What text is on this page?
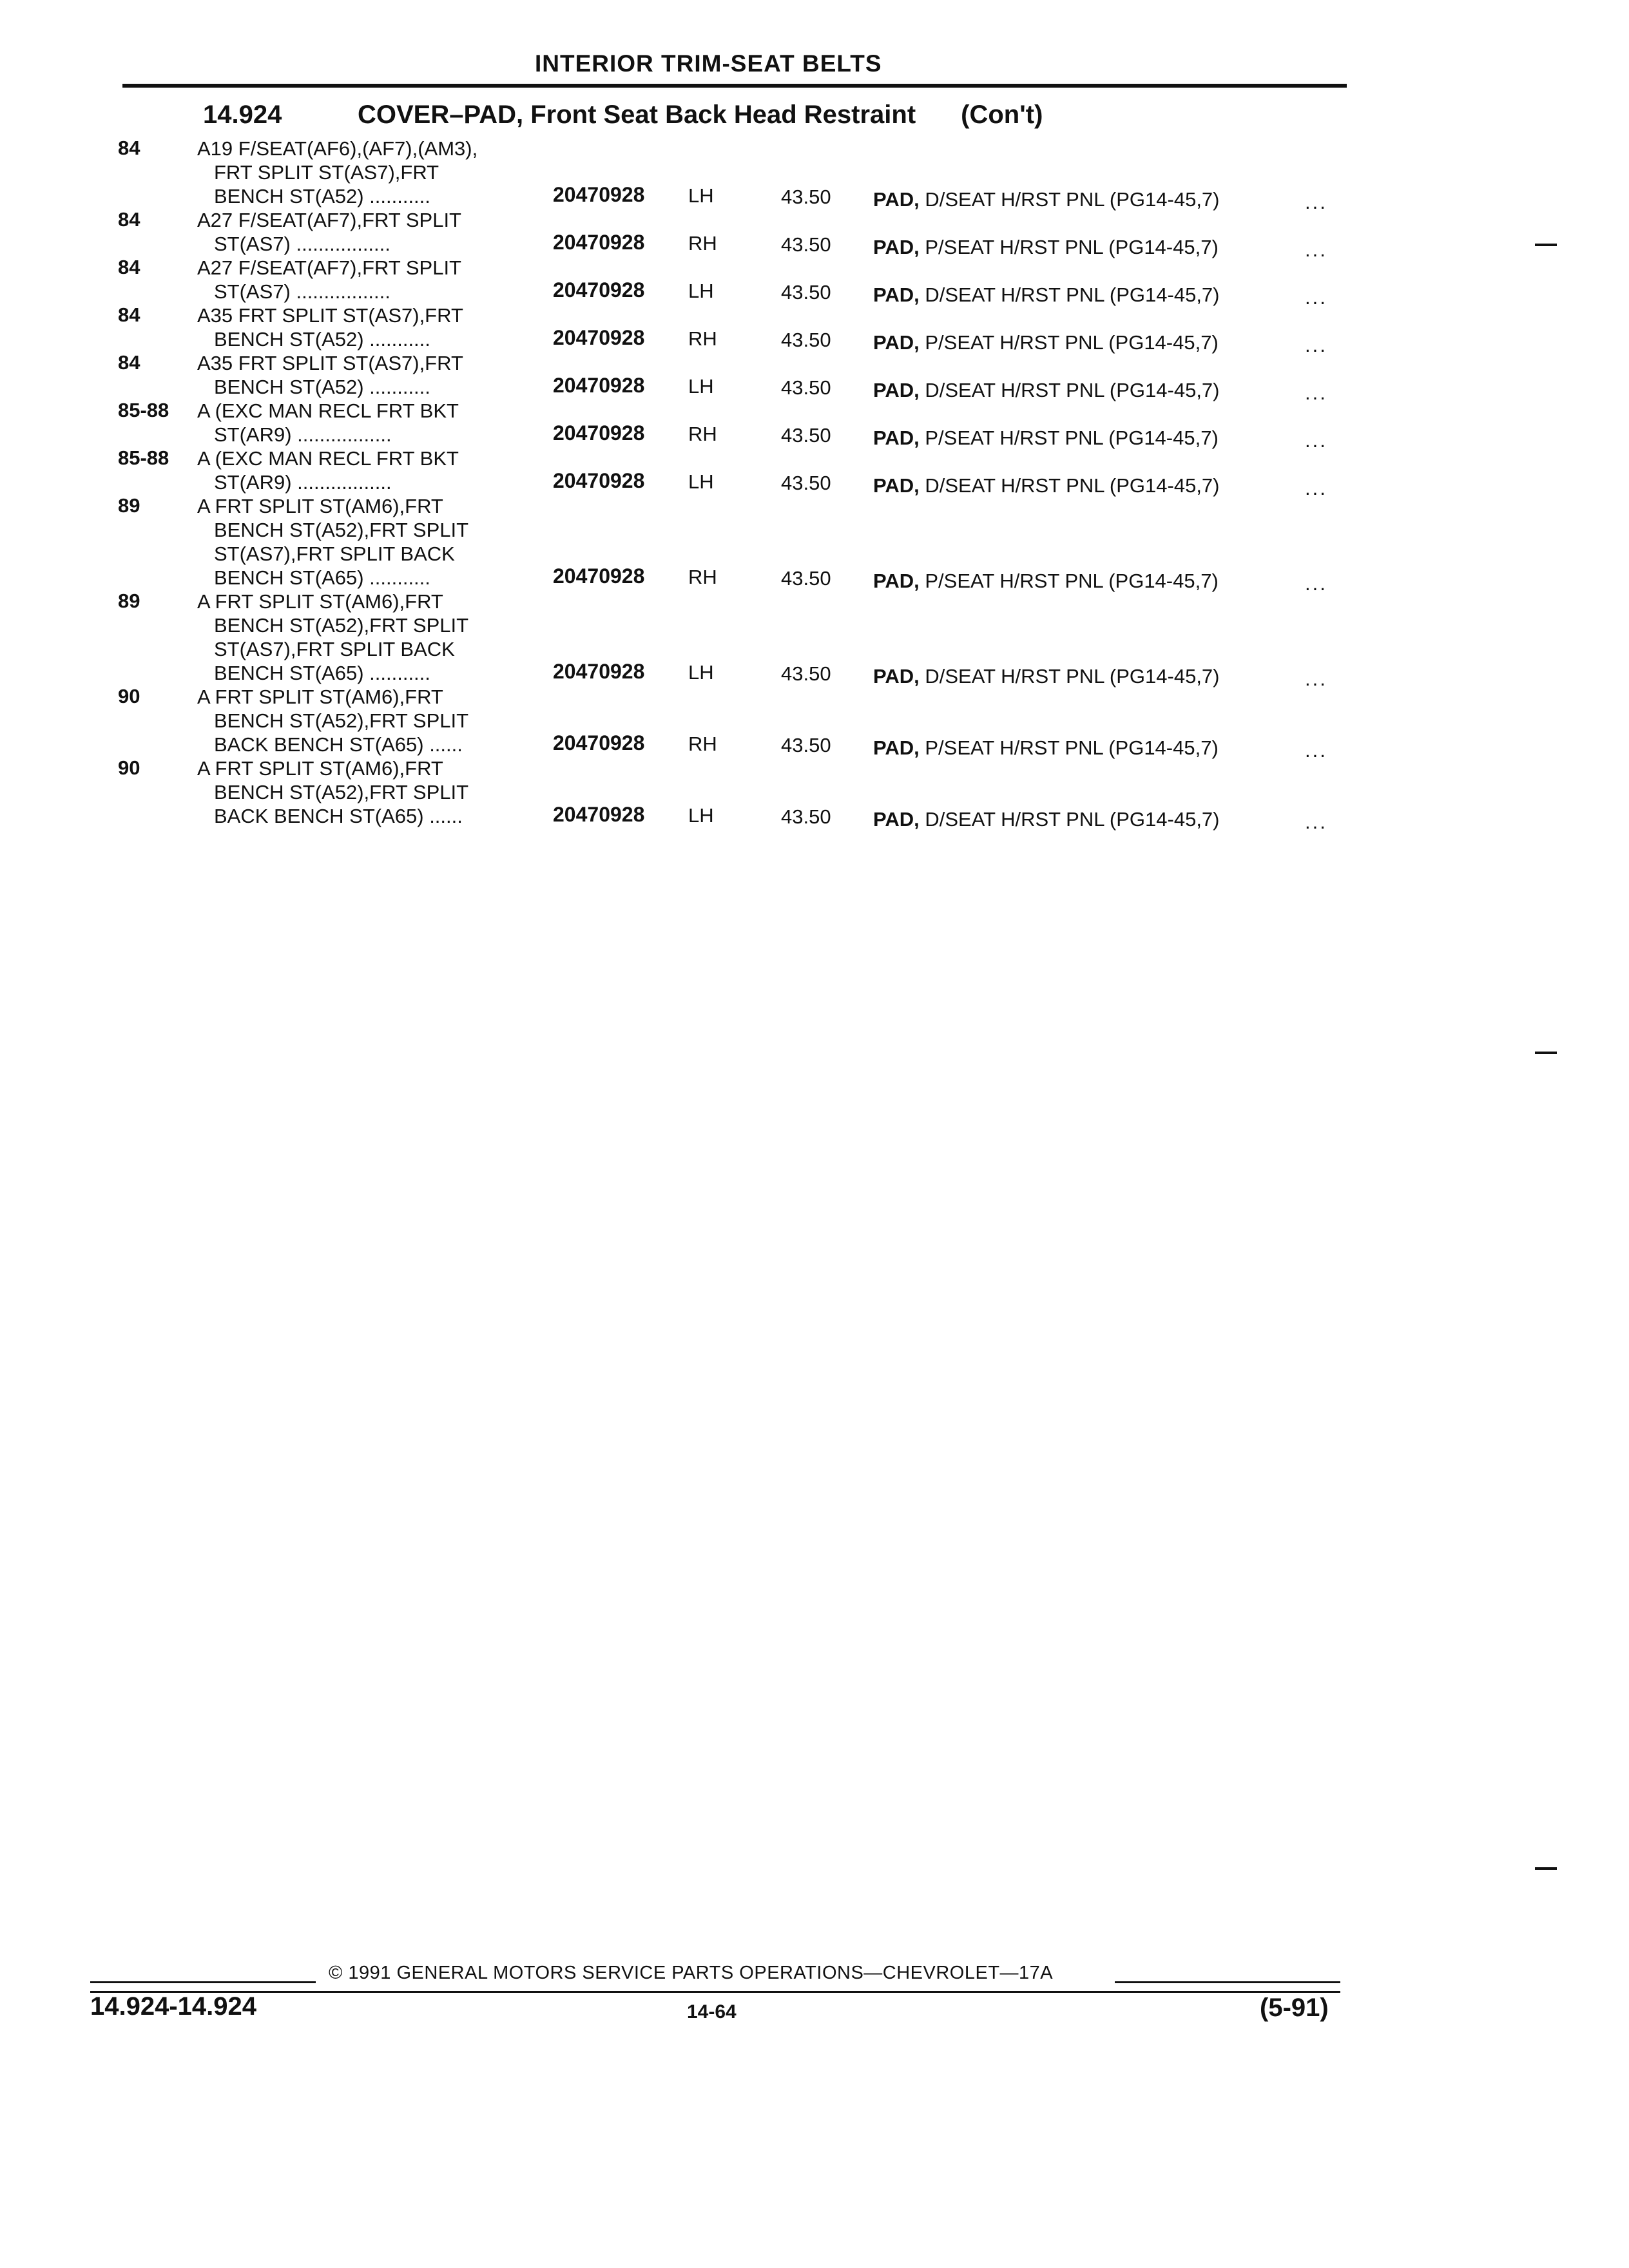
INTERIOR TRIM-SEAT BELTS
14.924	COVER–PAD, Front Seat Back Head Restraint (Con't)
84	A19 F/SEAT(AF6),(AF7),(AM3),
FRT SPLIT ST(AS7),FRT
BENCH ST(A52) ...........	20470928 LH	43.50 PAD, D/SEAT H/RST PNL (PG14-45,7)	...
84	A27 F/SEAT(AF7),FRT SPLIT
ST(AS7) .................	20470928 RH	43.50 PAD, P/SEAT H/RST PNL (PG14-45,7)	...
84	A27 F/SEAT(AF7),FRT SPLIT
ST(AS7) .................	20470928 LH	43.50 PAD, D/SEAT H/RST PNL (PG14-45,7)	...
84	A35 FRT SPLIT ST(AS7),FRT
BENCH ST(A52) ...........	20470928 RH	43.50 PAD, P/SEAT H/RST PNL (PG14-45,7)	...
84	A35 FRT SPLIT ST(AS7),FRT
BENCH ST(A52) ...........	20470928 LH	43.50 PAD, D/SEAT H/RST PNL (PG14-45,7)	...
85-88 A (EXC MAN RECL FRT BKT
ST(AR9) .................	20470928 RH	43.50 PAD, P/SEAT H/RST PNL (PG14-45,7)	...
85-88 A (EXC MAN RECL FRT BKT
ST(AR9) .................	20470928 LH	43.50 PAD, D/SEAT H/RST PNL (PG14-45,7)	...
89	A FRT SPLIT ST(AM6),FRT
BENCH ST(A52),FRT SPLIT
ST(AS7),FRT SPLIT BACK
BENCH ST(A65) ...........	20470928 RH	43.50 PAD, P/SEAT H/RST PNL (PG14-45,7)	...
89	A FRT SPLIT ST(AM6),FRT
BENCH ST(A52),FRT SPLIT
ST(AS7),FRT SPLIT BACK
BENCH ST(A65) ...........	20470928 LH	43.50 PAD, D/SEAT H/RST PNL (PG14-45,7)	...
90	A FRT SPLIT ST(AM6),FRT
BENCH ST(A52),FRT SPLIT
BACK BENCH ST(A65) ......	20470928 RH	43.50 PAD, P/SEAT H/RST PNL (PG14-45,7)	...
90	A FRT SPLIT ST(AM6),FRT
BENCH ST(A52),FRT SPLIT
BACK BENCH ST(A65) ......	20470928 LH	43.50 PAD, D/SEAT H/RST PNL (PG14-45,7)	...
© 1991 GENERAL MOTORS SERVICE PARTS OPERATIONS—CHEVROLET—17A
14.924-14.924	14-64	(5-91)
